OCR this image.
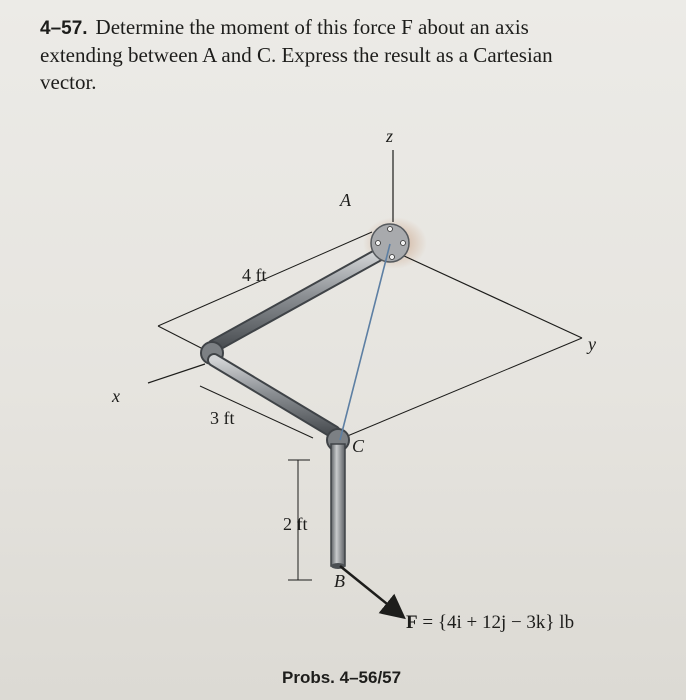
4–57. Determine the moment of this force F about an axis
extending between A and C. Express the result as a Cartesian
vector.
z
y
x
A
B
C
4 ft
3 ft
2 ft
F = {4i + 12j − 3k} lb
Probs. 4–56/57
